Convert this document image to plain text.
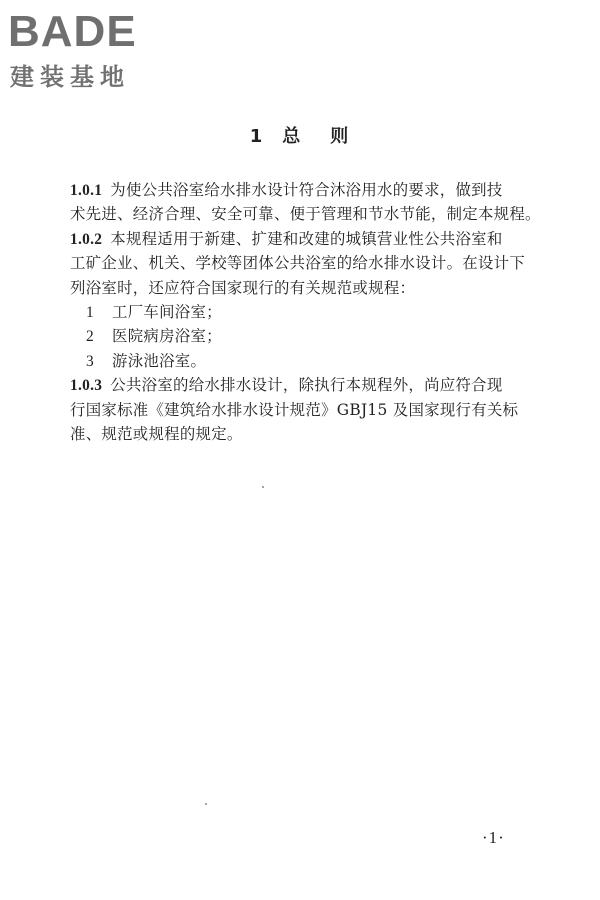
BADE
建装基地
1 总 则
1.0.1 为使公共浴室给水排水设计符合沐浴用水的要求，做到技
术先进、经济合理、安全可靠、便于管理和节水节能，制定本规程。
1.0.2 本规程适用于新建、扩建和改建的城镇营业性公共浴室和
工矿企业、机关、学校等团体公共浴室的给水排水设计。在设计下
列浴室时，还应符合国家现行的有关规范或规程：
1 工厂车间浴室；
2 医院病房浴室；
3 游泳池浴室。
1.0.3 公共浴室的给水排水设计，除执行本规程外，尚应符合现
行国家标准《建筑给水排水设计规范》GBJ15 及国家现行有关标
准、规范或规程的规定。
·1·
